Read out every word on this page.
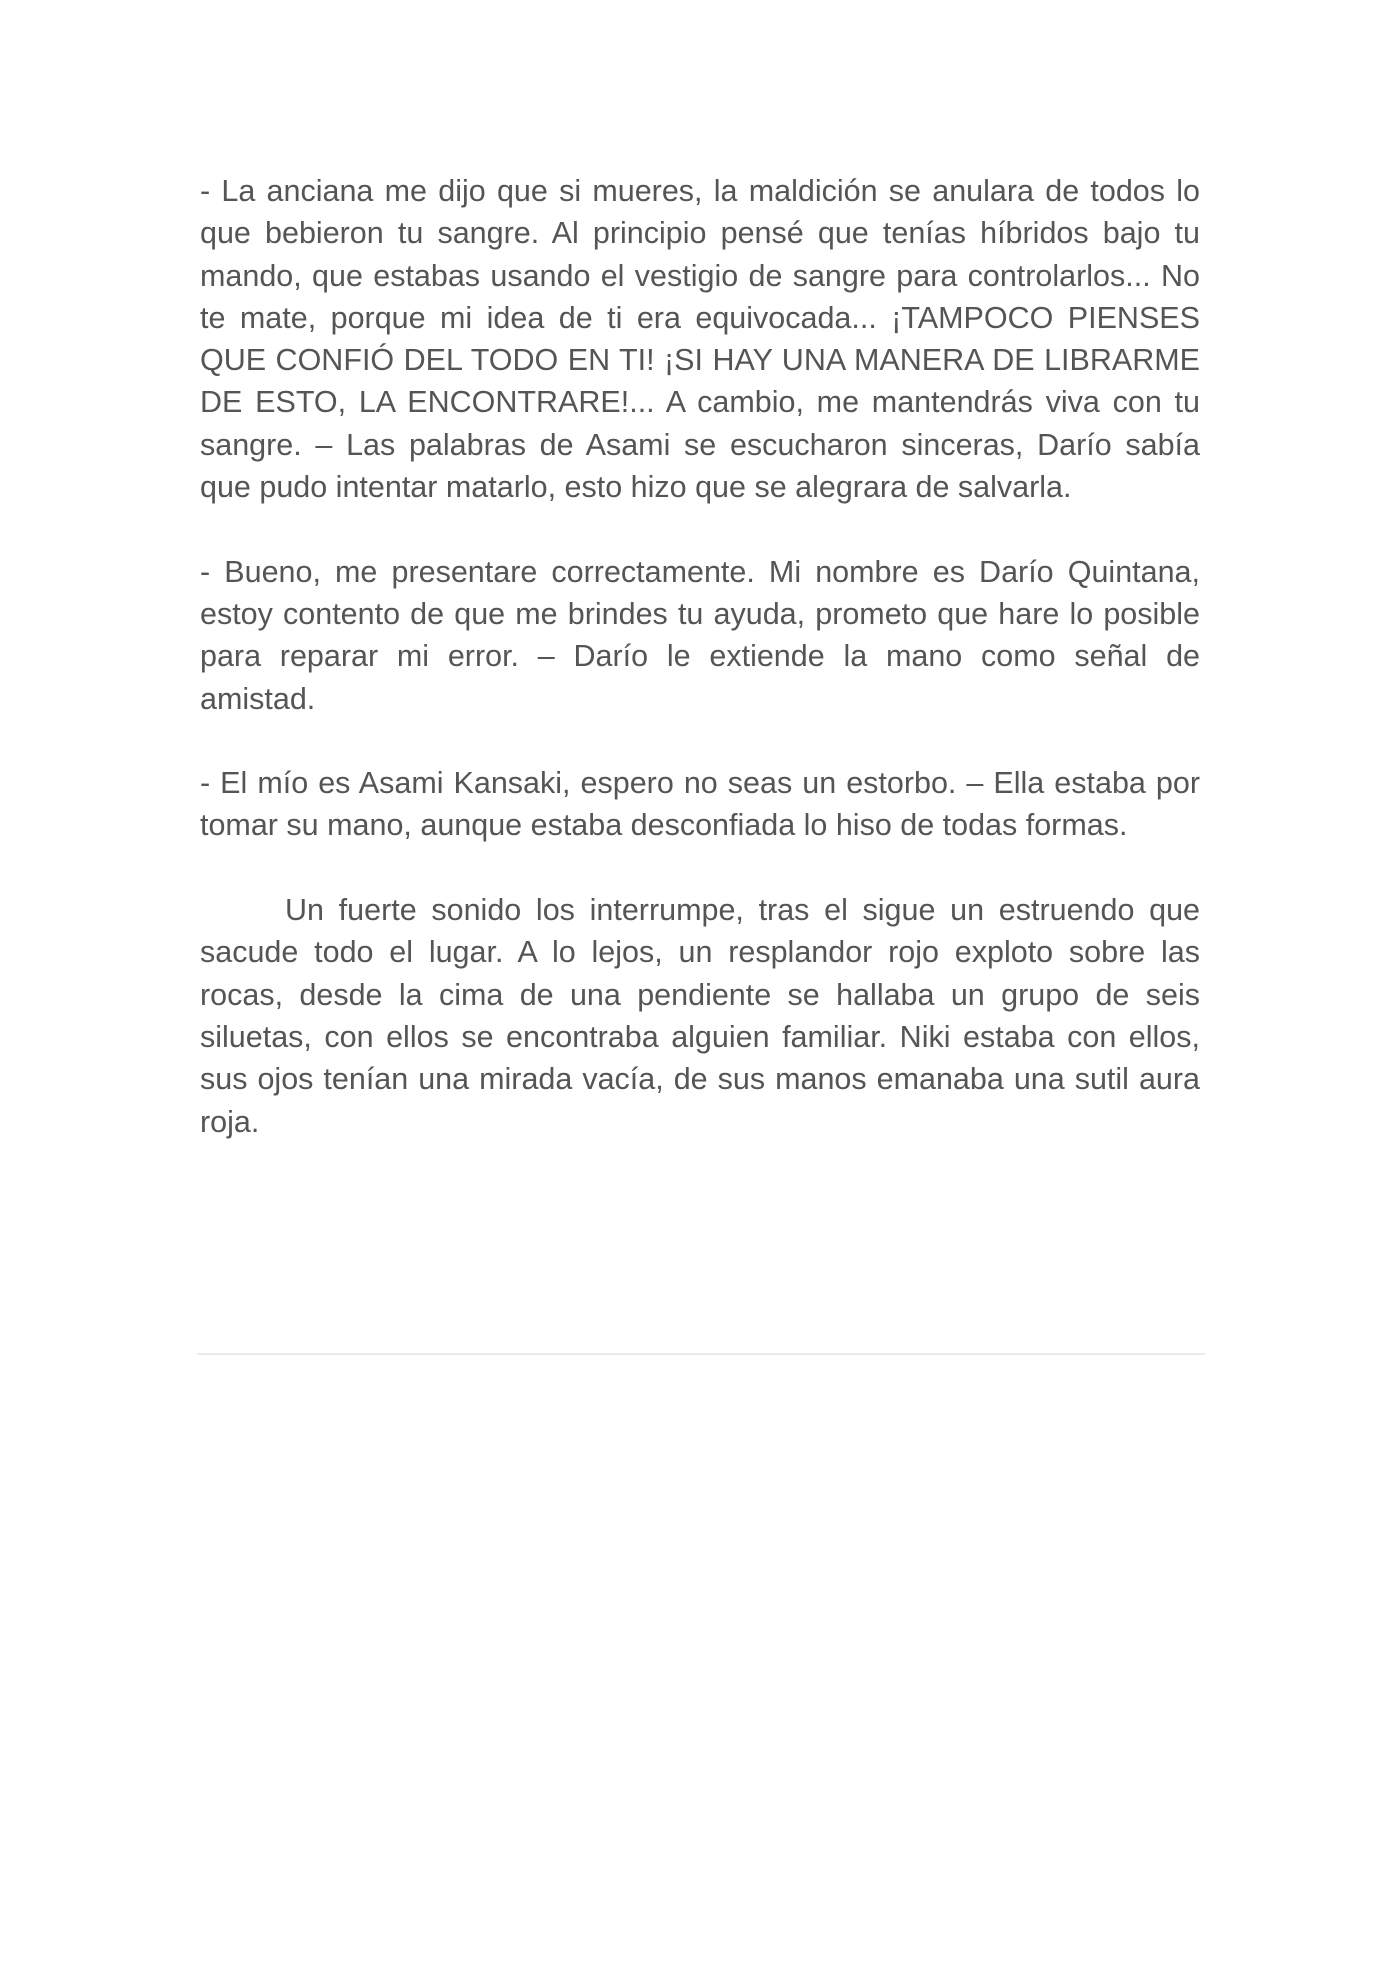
- La anciana me dijo que si mueres, la maldición se anulara de todos lo que bebieron tu sangre. Al principio pensé que tenías híbridos bajo tu mando, que estabas usando el vestigio de sangre para controlarlos... No te mate, porque mi idea de ti era equivocada... ¡TAMPOCO PIENSES QUE CONFIÓ DEL TODO EN TI! ¡SI HAY UNA MANERA DE LIBRARME DE ESTO, LA ENCONTRARE!... A cambio, me mantendrás viva con tu sangre. – Las palabras de Asami se escucharon sinceras, Darío sabía que pudo intentar matarlo, esto hizo que se alegrara de salvarla.

- Bueno, me presentare correctamente. Mi nombre es Darío Quintana, estoy contento de que me brindes tu ayuda, prometo que hare lo posible para reparar mi error. – Darío le extiende la mano como señal de amistad.

- El mío es Asami Kansaki, espero no seas un estorbo. – Ella estaba por tomar su mano, aunque estaba desconfiada lo hiso de todas formas.

Un fuerte sonido los interrumpe, tras el sigue un estruendo que sacude todo el lugar. A lo lejos, un resplandor rojo exploto sobre las rocas, desde la cima de una pendiente se hallaba un grupo de seis siluetas, con ellos se encontraba alguien familiar. Niki estaba con ellos, sus ojos tenían una mirada vacía, de sus manos emanaba una sutil aura roja.
